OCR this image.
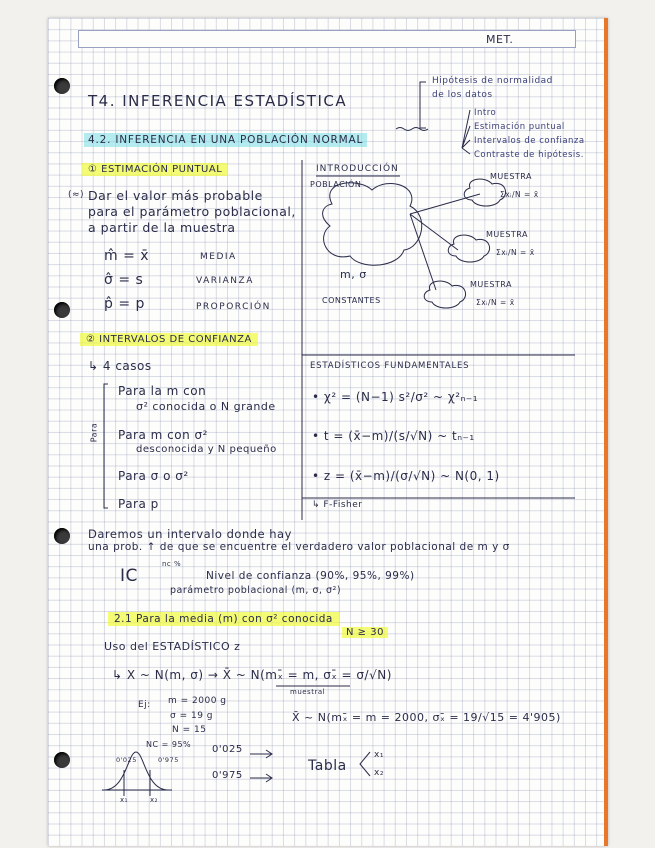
MET.
T4. INFERENCIA ESTADÍSTICA
Hipótesis de normalidad
de los datos
Intro
Estimación puntual
Intervalos de confianza
Contraste de hipótesis.
4.2. INFERENCIA EN UNA POBLACIÓN NORMAL
① ESTIMACIÓN PUNTUAL
(≈) Dar el valor más probable
para el parámetro poblacional,
a partir de la muestra
m̂ = x̄	MEDIA
σ̂ = s	VARIANZA
p̂ = p	PROPORCIÓN
INTRODUCCIÓN
POBLACIÓN
m, σ
CONSTANTES
MUESTRA
MUESTRA
MUESTRA
Σxᵢ/N = x̄
Σxᵢ/N = x̄
Σxᵢ/N = x̄
② INTERVALOS DE CONFIANZA
↳ 4 casos
Para
Para la m con
σ² conocida o N grande
Para m con σ²
desconocida y N pequeño
Para σ o σ²
Para p
ESTADÍSTICOS FUNDAMENTALES
• χ² = (N−1) s²/σ² ~ χ²ₙ₋₁
• t = (x̄−m)/(s/√N) ~ tₙ₋₁
• z = (x̄−m)/(σ/√N) ~ N(0, 1)
↳ F-Fisher
Daremos un intervalo donde hay
una prob. ↑ de que se encuentre el verdadero valor poblacional de m y σ
IC
nc %
Nivel de confianza (90%, 95%, 99%)
parámetro poblacional (m, σ, σ²)
2.1 Para la media (m) con σ² conocida
N ≥ 30
Uso del ESTADÍSTICO z
↳ X ~ N(m, σ) → X̄ ~ N(mₓ̄ = m, σₓ̄ = σ/√N)
muestral
Ej: m = 2000 g
σ = 19 g
N = 15
X̄ ~ N(mₓ̄ = m = 2000, σₓ̄ = 19/√15 = 4'905)
NC = 95%
0'025	0'975
x₁	x₂
0'025
0'975
Tabla
x₁
x₂
